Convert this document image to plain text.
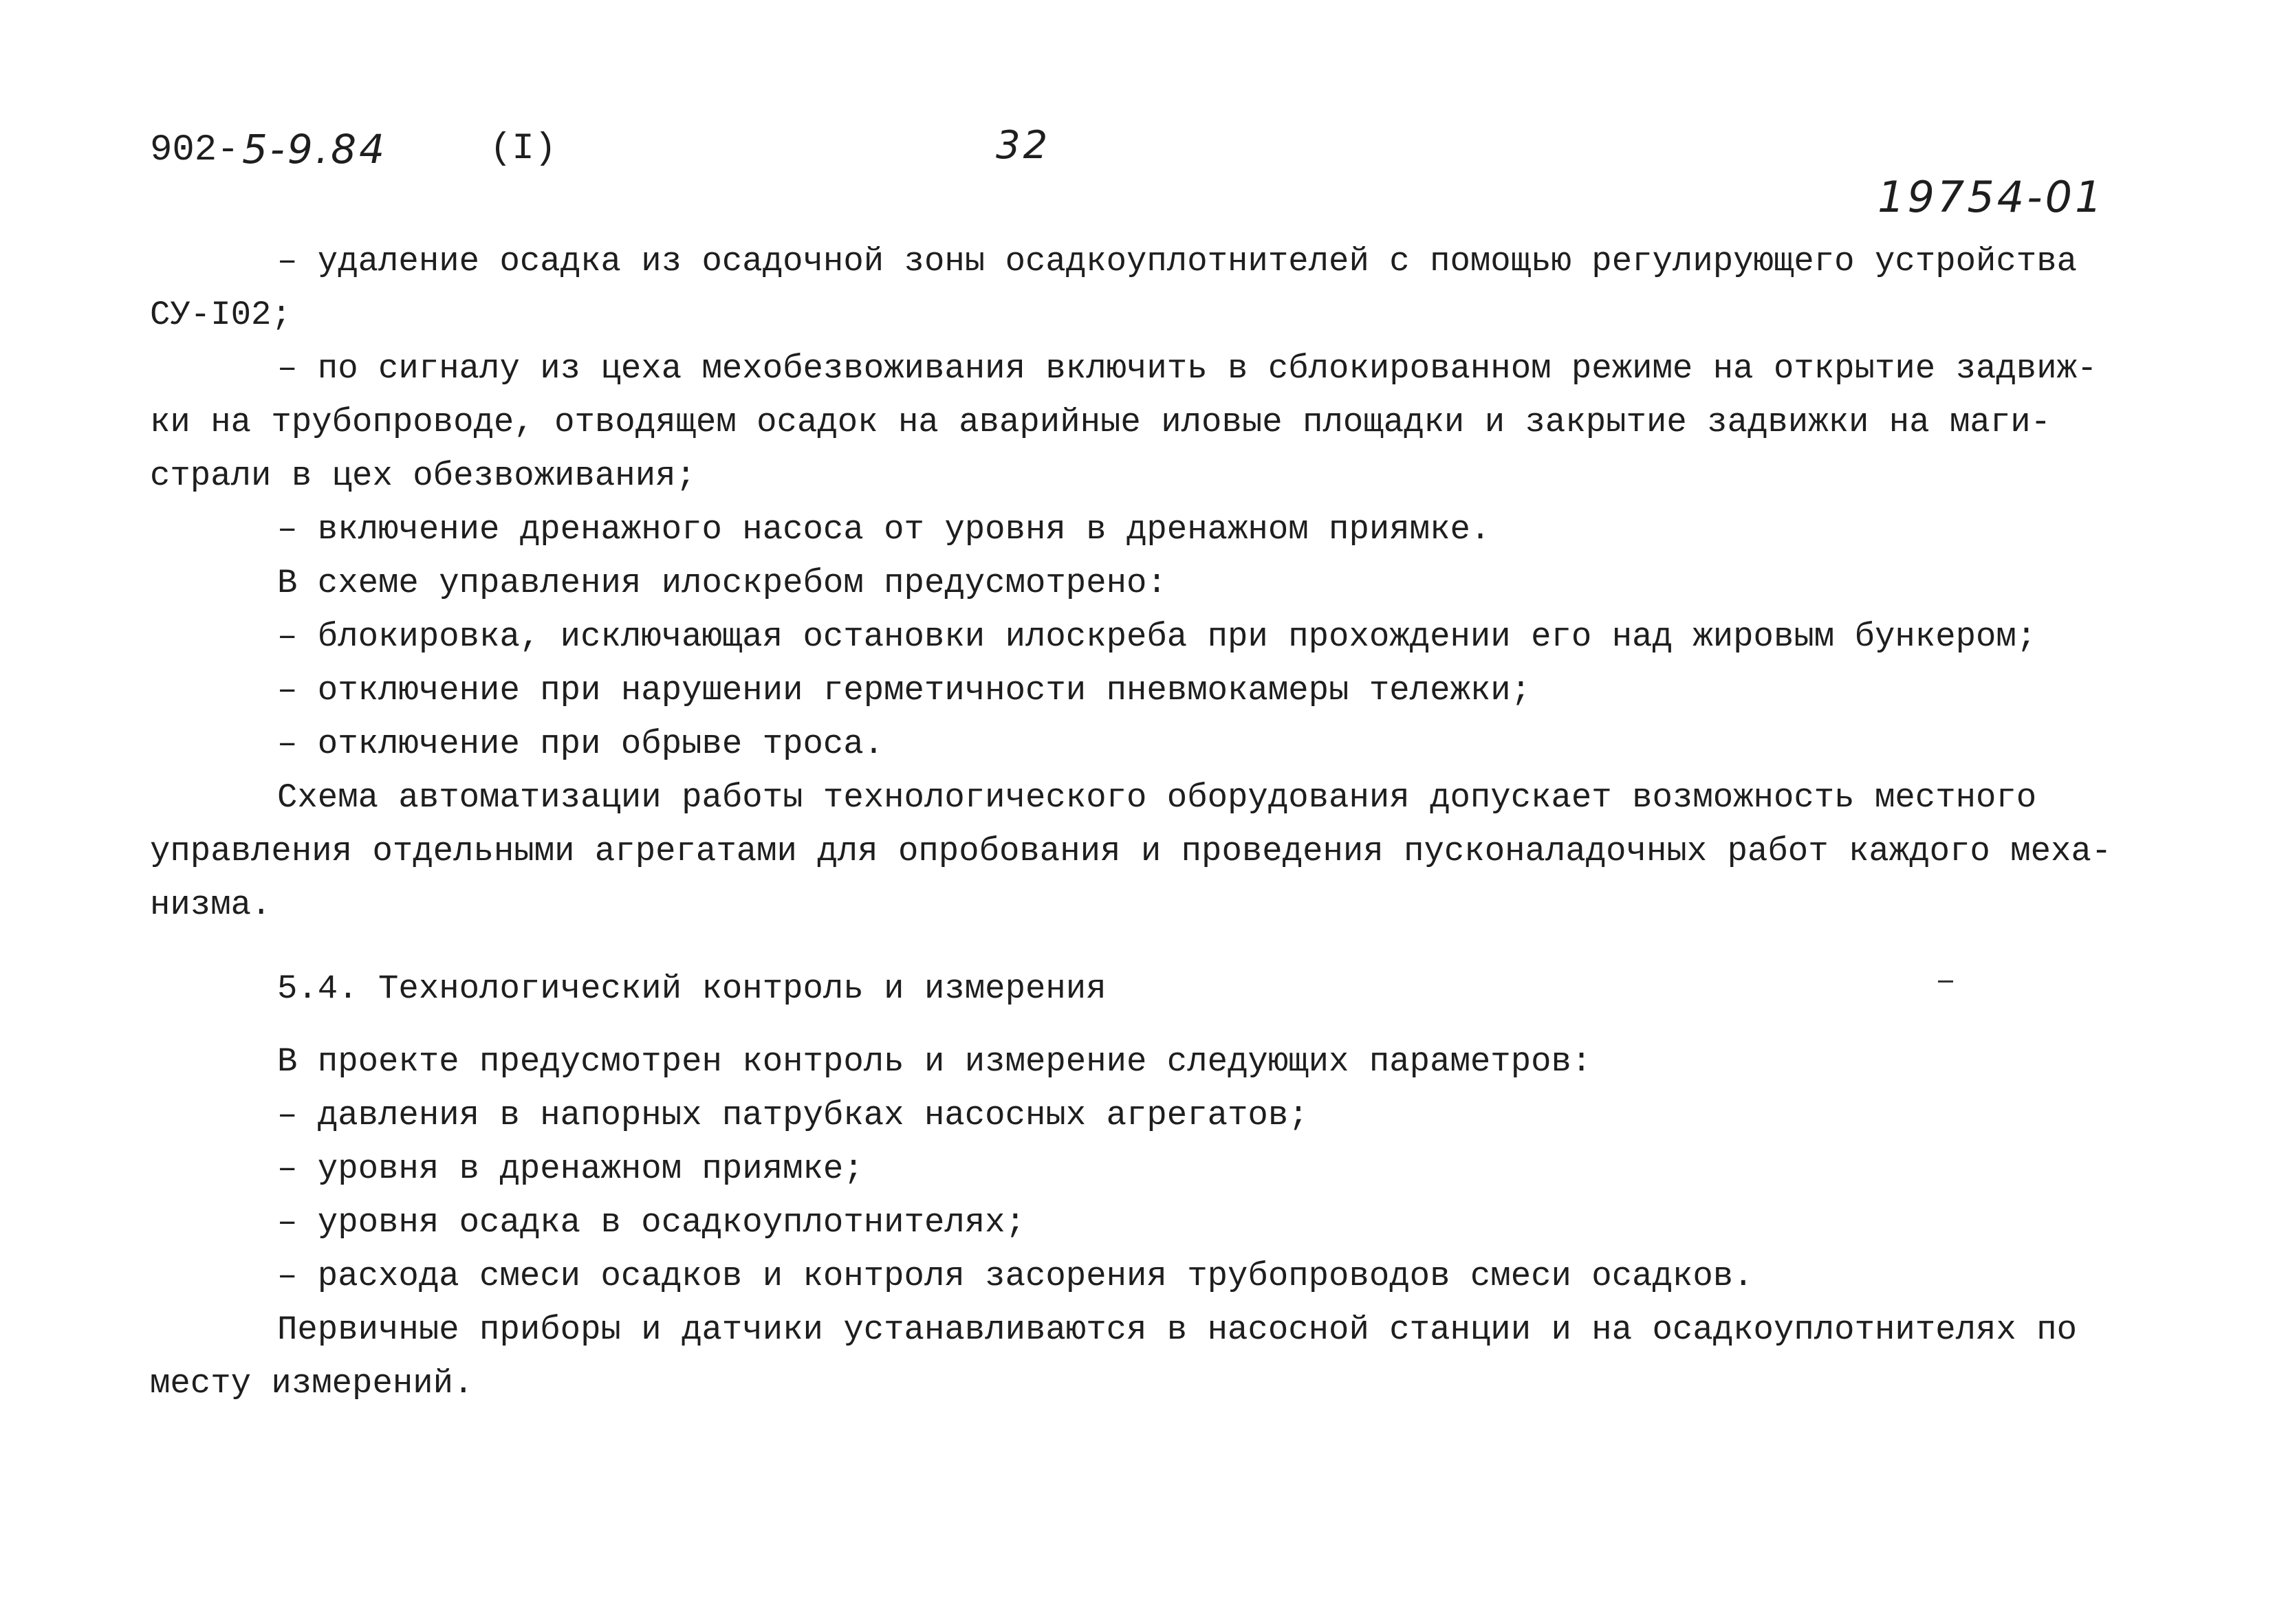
902- 5-9.84	(I)	32
19754-01
– удаление осадка из осадочной зоны осадкоуплотнителей с помощью регулирующего устройства
СУ-I02;
– по сигналу из цеха мехобезвоживания включить в сблокированном режиме на открытие задвиж-
ки на трубопроводе, отводящем осадок на аварийные иловые площадки и закрытие задвижки на маги-
страли в цех обезвоживания;
– включение дренажного насоса от уровня в дренажном приямке.
В схеме управления илоскребом предусмотрено:
– блокировка, исключающая остановки илоскреба при прохождении его над жировым бункером;
– отключение при нарушении герметичности пневмокамеры тележки;
– отключение при обрыве троса.
Схема автоматизации работы технологического оборудования допускает возможность местного
управления отдельными агрегатами для опробования и проведения пусконаладочных работ каждого меха-
низма.
5.4. Технологический контроль и измерения
В проекте предусмотрен контроль и измерение следующих параметров:
– давления в напорных патрубках насосных агрегатов;
– уровня в дренажном приямке;
– уровня осадка в осадкоуплотнителях;
– расхода смеси осадков и контроля засорения трубопроводов смеси осадков.
Первичные приборы и датчики устанавливаются в насосной станции и на осадкоуплотнителях по
месту измерений.
